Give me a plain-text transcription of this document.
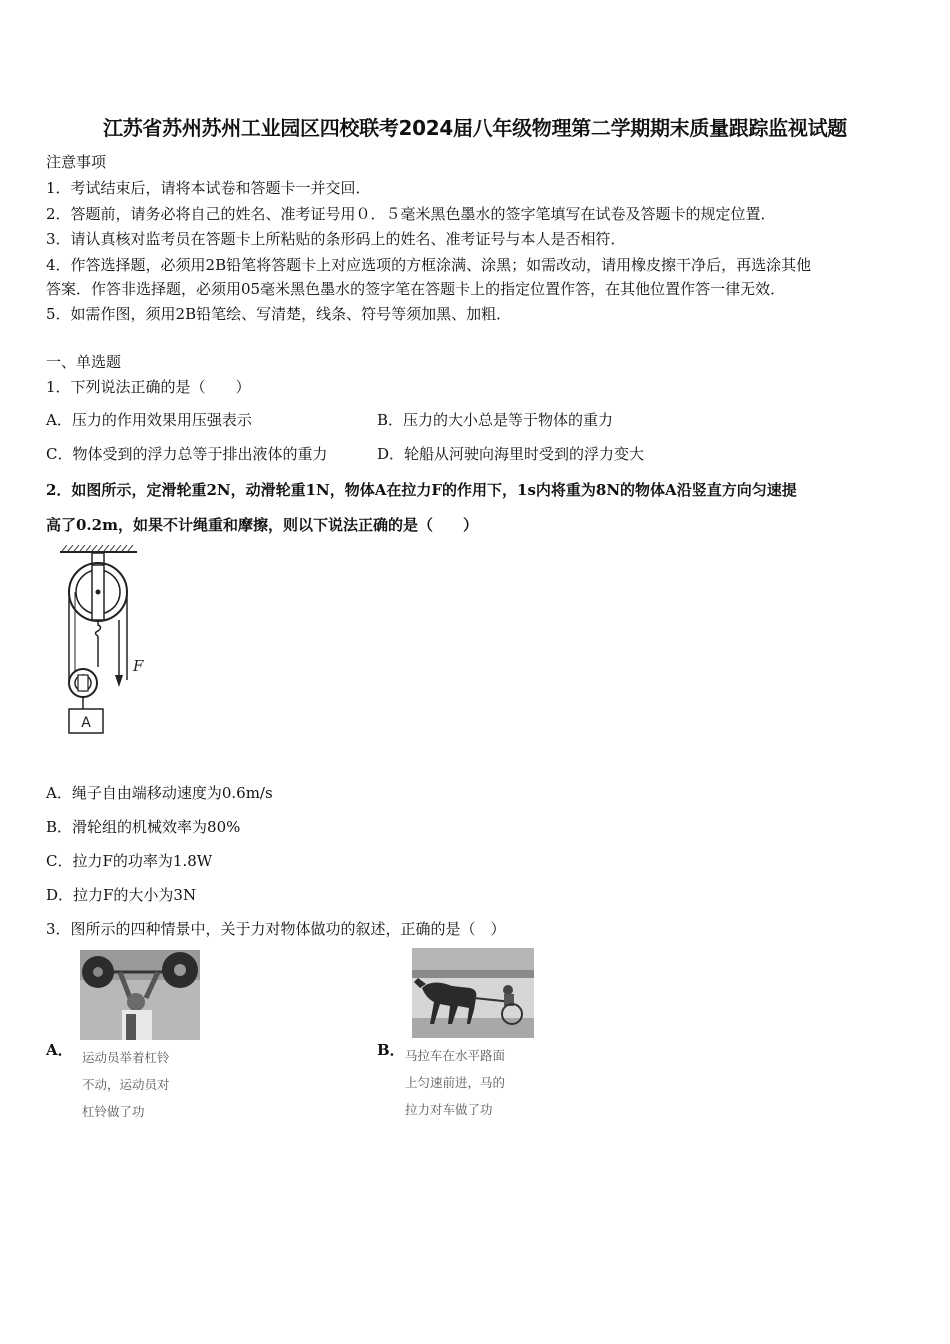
江苏省苏州苏州工业园区四校联考2024届八年级物理第二学期期末质量跟踪监视试题
注意事项
1．考试结束后，请将本试卷和答题卡一并交回．
2．答题前，请务必将自己的姓名、准考证号用０．５毫米黑色墨水的签字笔填写在试卷及答题卡的规定位置．
3．请认真核对监考员在答题卡上所粘贴的条形码上的姓名、准考证号与本人是否相符．
4．作答选择题，必须用2B铅笔将答题卡上对应选项的方框涂满、涂黑；如需改动，请用橡皮擦干净后，再选涂其他
答案．作答非选择题，必须用05毫米黑色墨水的签字笔在答题卡上的指定位置作答，在其他位置作答一律无效．
5．如需作图，须用2B铅笔绘、写清楚，线条、符号等须加黑、加粗．
一、单选题
1．下列说法正确的是（　　）
A．压力的作用效果用压强表示	B．压力的大小总是等于物体的重力
C．物体受到的浮力总等于排出液体的重力	D．轮船从河驶向海里时受到的浮力变大
2．如图所示，定滑轮重2N，动滑轮重1N，物体A在拉力F的作用下，1s内将重为8N的物体A沿竖直方向匀速提
高了0.2m，如果不计绳重和摩擦，则以下说法正确的是（　　）
F
A
A．绳子自由端移动速度为0.6m/s
B．滑轮组的机械效率为80%
C．拉力F的功率为1.8W
D．拉力F的大小为3N
3．图所示的四种情景中，关于力对物体做功的叙述，正确的是（　）
A． 运动员举着杠铃
不动，运动员对
杠铃做了功
B． 马拉车在水平路面
上匀速前进，马的
拉力对车做了功
